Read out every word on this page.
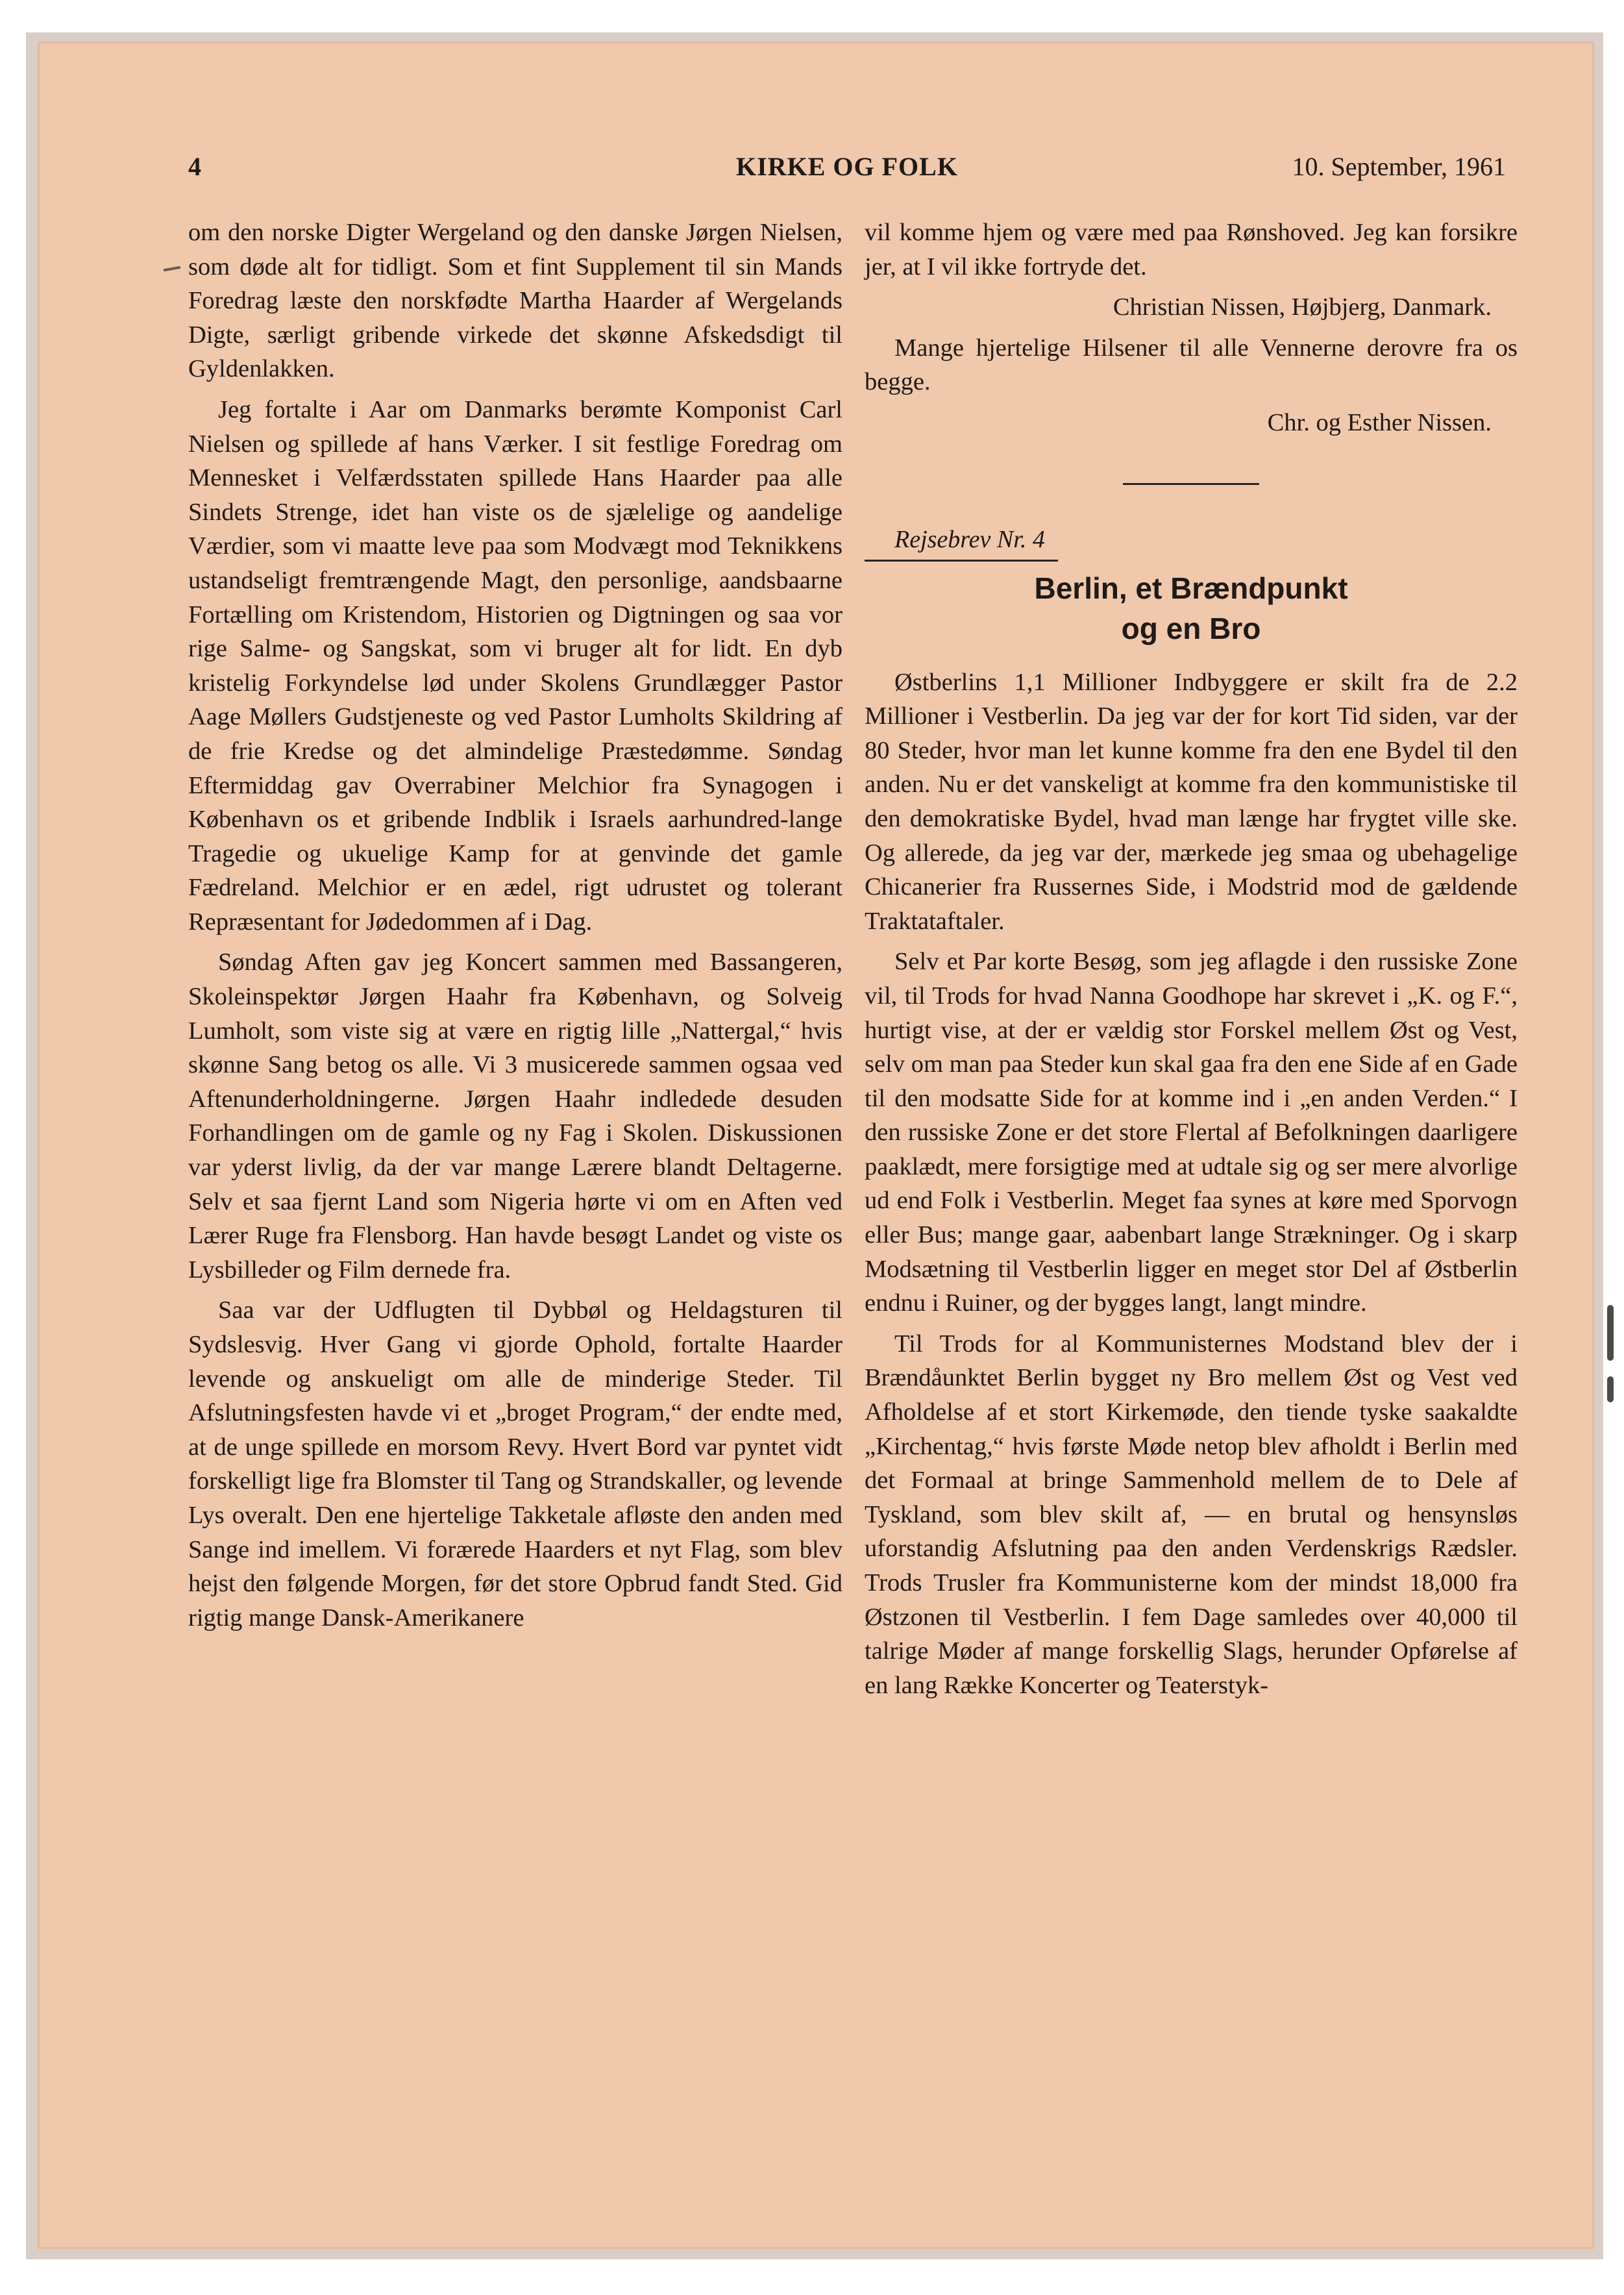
KIRKE OG FOLK
4	10. September, 1961

om den norske Digter Wergeland og den danske Jørgen Nielsen, som døde alt for tidligt. Som et fint Supplement til sin Mands Foredrag læste den norskfødte Martha Haarder af Wergelands Digte, særligt gribende virkede det skønne Afskedsdigt til Gyldenlakken.

Jeg fortalte i Aar om Danmarks berømte Komponist Carl Nielsen og spillede af hans Værker. I sit festlige Foredrag om Mennesket i Velfærdsstaten spillede Hans Haarder paa alle Sindets Strenge, idet han viste os de sjælelige og aandelige Værdier, som vi maatte leve paa som Modvægt mod Teknikkens ustandseligt fremtrængende Magt, den personlige, aandsbaarne Fortælling om Kristendom, Historien og Digtningen og saa vor rige Salme- og Sangskat, som vi bruger alt for lidt. En dyb kristelig Forkyndelse lød under Skolens Grundlægger Pastor Aage Møllers Gudstjeneste og ved Pastor Lumholts Skildring af de frie Kredse og det almindelige Præstedømme. Søndag Eftermiddag gav Overrabiner Melchior fra Synagogen i København os et gribende Indblik i Israels aarhundred-lange Tragedie og ukuelige Kamp for at genvinde det gamle Fædreland. Melchior er en ædel, rigt udrustet og tolerant Repræsentant for Jødedommen af i Dag.

Søndag Aften gav jeg Koncert sammen med Bassangeren, Skoleinspektør Jørgen Haahr fra København, og Solveig Lumholt, som viste sig at være en rigtig lille „Nattergal,“ hvis skønne Sang betog os alle. Vi 3 musicerede sammen ogsaa ved Aftenunderholdningerne. Jørgen Haahr indledede desuden Forhandlingen om de gamle og ny Fag i Skolen. Diskussionen var yderst livlig, da der var mange Lærere blandt Deltagerne. Selv et saa fjernt Land som Nigeria hørte vi om en Aften ved Lærer Ruge fra Flensborg. Han havde besøgt Landet og viste os Lysbilleder og Film dernede fra.

Saa var der Udflugten til Dybbøl og Heldagsturen til Sydslesvig. Hver Gang vi gjorde Ophold, fortalte Haarder levende og anskueligt om alle de minderige Steder. Til Afslutningsfesten havde vi et „broget Program,“ der endte med, at de unge spillede en morsom Revy. Hvert Bord var pyntet vidt forskelligt lige fra Blomster til Tang og Strandskaller, og levende Lys overalt. Den ene hjertelige Takketale afløste den anden med Sange ind imellem. Vi forærede Haarders et nyt Flag, som blev hejst den følgende Morgen, før det store Opbrud fandt Sted. Gid rigtig mange Dansk-Amerikanere

vil komme hjem og være med paa Rønshoved. Jeg kan forsikre jer, at I vil ikke fortryde det.

Christian Nissen, Højbjerg, Danmark.

Mange hjertelige Hilsener til alle Vennerne derovre fra os begge.

Chr. og Esther Nissen.

Rejsebrev Nr. 4

Berlin, et Brændpunkt
og en Bro

Østberlins 1,1 Millioner Indbyggere er skilt fra de 2.2 Millioner i Vestberlin. Da jeg var der for kort Tid siden, var der 80 Steder, hvor man let kunne komme fra den ene Bydel til den anden. Nu er det vanskeligt at komme fra den kommunistiske til den demokratiske Bydel, hvad man længe har frygtet ville ske. Og allerede, da jeg var der, mærkede jeg smaa og ubehagelige Chicanerier fra Russernes Side, i Modstrid mod de gældende Traktataftaler.

Selv et Par korte Besøg, som jeg aflagde i den russiske Zone vil, til Trods for hvad Nanna Goodhope har skrevet i „K. og F.“, hurtigt vise, at der er vældig stor Forskel mellem Øst og Vest, selv om man paa Steder kun skal gaa fra den ene Side af en Gade til den modsatte Side for at komme ind i „en anden Verden.“ I den russiske Zone er det store Flertal af Befolkningen daarligere paaklædt, mere forsigtige med at udtale sig og ser mere alvorlige ud end Folk i Vestberlin. Meget faa synes at køre med Sporvogn eller Bus; mange gaar, aabenbart lange Strækninger. Og i skarp Modsætning til Vestberlin ligger en meget stor Del af Østberlin endnu i Ruiner, og der bygges langt, langt mindre.

Til Trods for al Kommunisternes Modstand blev der i Brændåunktet Berlin bygget ny Bro mellem Øst og Vest ved Afholdelse af et stort Kirkemøde, den tiende tyske saakaldte „Kirchentag,“ hvis første Møde netop blev afholdt i Berlin med det Formaal at bringe Sammenhold mellem de to Dele af Tyskland, som blev skilt af, — en brutal og hensynsløs uforstandig Afslutning paa den anden Verdenskrigs Rædsler. Trods Trusler fra Kommunisterne kom der mindst 18,000 fra Østzonen til Vestberlin. I fem Dage samledes over 40,000 til talrige Møder af mange forskellig Slags, herunder Opførelse af en lang Række Koncerter og Teaterstyk-
